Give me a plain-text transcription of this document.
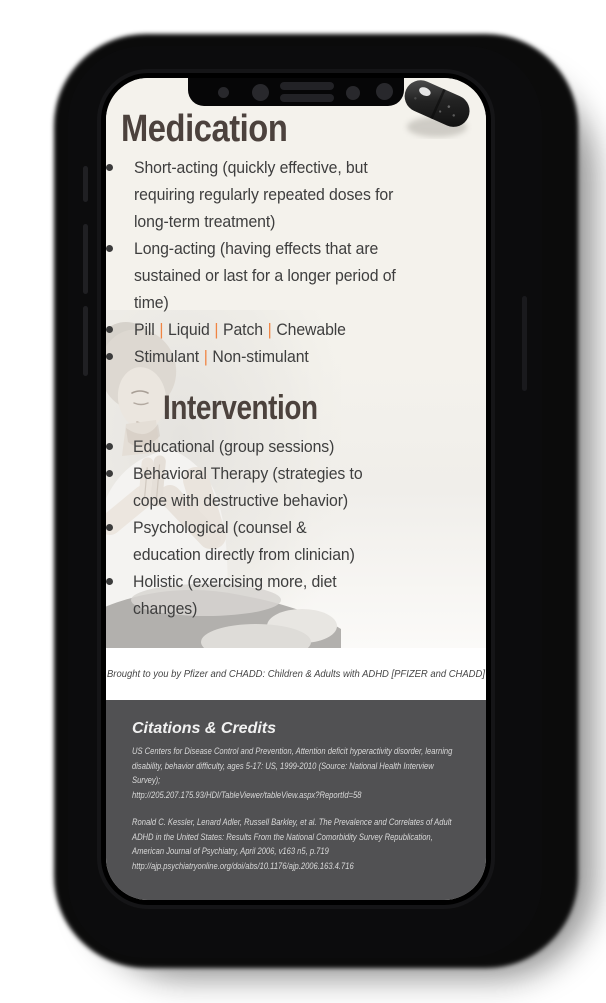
Medication
Short-acting (quickly effective, but requiring regularly repeated doses for long-term treatment)
Long-acting (having effects that are sustained or last for a longer period of time)
Pill | Liquid | Patch | Chewable
Stimulant | Non-stimulant
Intervention
Educational (group sessions)
Behavioral Therapy (strategies to cope with destructive behavior)
Psychological (counsel & education directly from clinician)
Holistic (exercising more, diet changes)
Brought to you by Pfizer and CHADD: Children & Adults with ADHD [PFIZER and CHADD]
Citations & Credits

US Centers for Disease Control and Prevention, Attention deficit hyperactivity disorder, learning disability, behavior difficulty, ages 5-17: US, 1999-2010 (Source: National Health Interview Survey);
http://205.207.175.93/HDI/TableViewer/tableView.aspx?ReportId=58

Ronald C. Kessler, Lenard Adler, Russell Barkley, et al. The Prevalence and Correlates of Adult ADHD in the United States: Results From the National Comorbidity Survey Republication, American Journal of Psychiatry, April 2006, v163 n5, p.719
http://ajp.psychiatryonline.org/doi/abs/10.1176/ajp.2006.163.4.716
